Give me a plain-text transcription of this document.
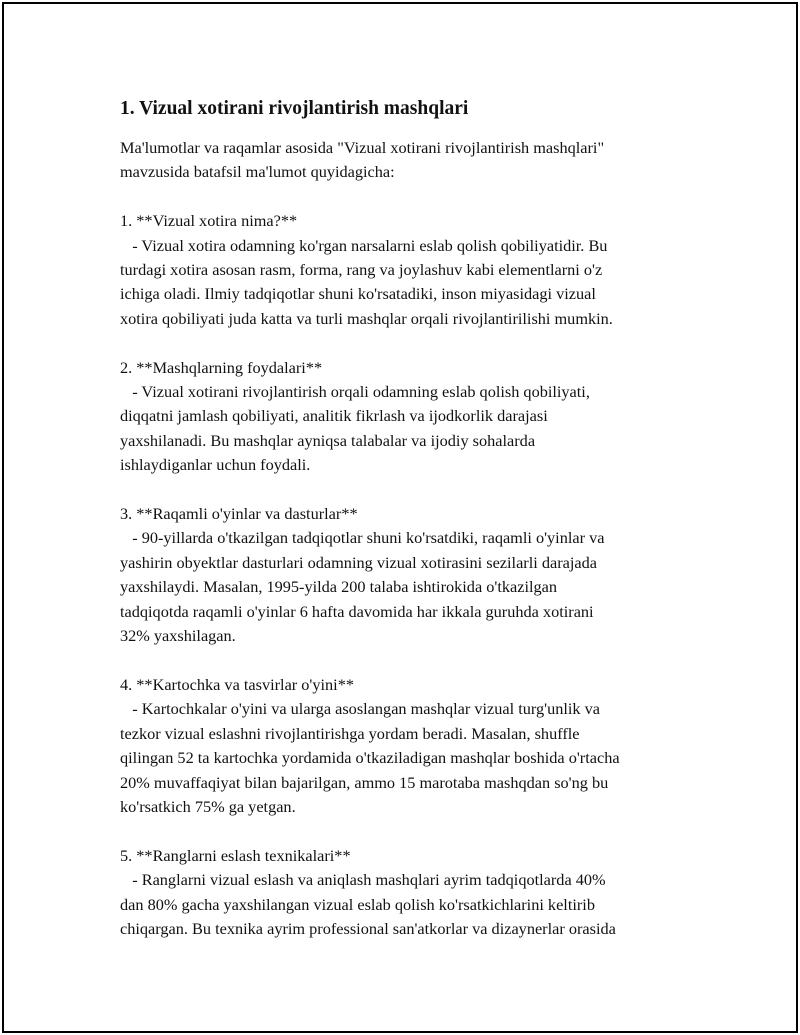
1. Vizual xotirani rivojlantirish mashqlari

Ma'lumotlar va raqamlar asosida "Vizual xotirani rivojlantirish mashqlari"
mavzusida batafsil ma'lumot quyidagicha:

1. **Vizual xotira nima?**

- Vizual xotira odamning ko'rgan narsalarni eslab qolish qobiliyatidir. Bu
turdagi xotira asosan rasm, forma, rang va joylashuv kabi elementlarni o'z
ichiga oladi. Ilmiy tadqiqotlar shuni ko'rsatadiki, inson miyasidagi vizual
xotira qobiliyati juda katta va turli mashqlar orqali rivojlantirilishi mumkin.

2. **Mashqlarning foydalari**

- Vizual xotirani rivojlantirish orqali odamning eslab qolish qobiliyati,
diqqatni jamlash qobiliyati, analitik fikrlash va ijodkorlik darajasi
yaxshilanadi. Bu mashqlar ayniqsa talabalar va ijodiy sohalarda
ishlaydiganlar uchun foydali.

3. **Raqamli o'yinlar va dasturlar**

- 90-yillarda o'tkazilgan tadqiqotlar shuni ko'rsatdiki, raqamli o'yinlar va
yashirin obyektlar dasturlari odamning vizual xotirasini sezilarli darajada
yaxshilaydi. Masalan, 1995-yilda 200 talaba ishtirokida o'tkazilgan
tadqiqotda raqamli o'yinlar 6 hafta davomida har ikkala guruhda xotirani
32% yaxshilagan.

4. **Kartochka va tasvirlar o'yini**

- Kartochkalar o'yini va ularga asoslangan mashqlar vizual turg'unlik va
tezkor vizual eslashni rivojlantirishga yordam beradi. Masalan, shuffle
qilingan 52 ta kartochka yordamida o'tkaziladigan mashqlar boshida o'rtacha
20% muvaffaqiyat bilan bajarilgan, ammo 15 marotaba mashqdan so'ng bu
ko'rsatkich 75% ga yetgan.

5. **Ranglarni eslash texnikalari**

- Ranglarni vizual eslash va aniqlash mashqlari ayrim tadqiqotlarda 40%
dan 80% gacha yaxshilangan vizual eslab qolish ko'rsatkichlarini keltirib
chiqargan. Bu texnika ayrim professional san'atkorlar va dizaynerlar orasida
